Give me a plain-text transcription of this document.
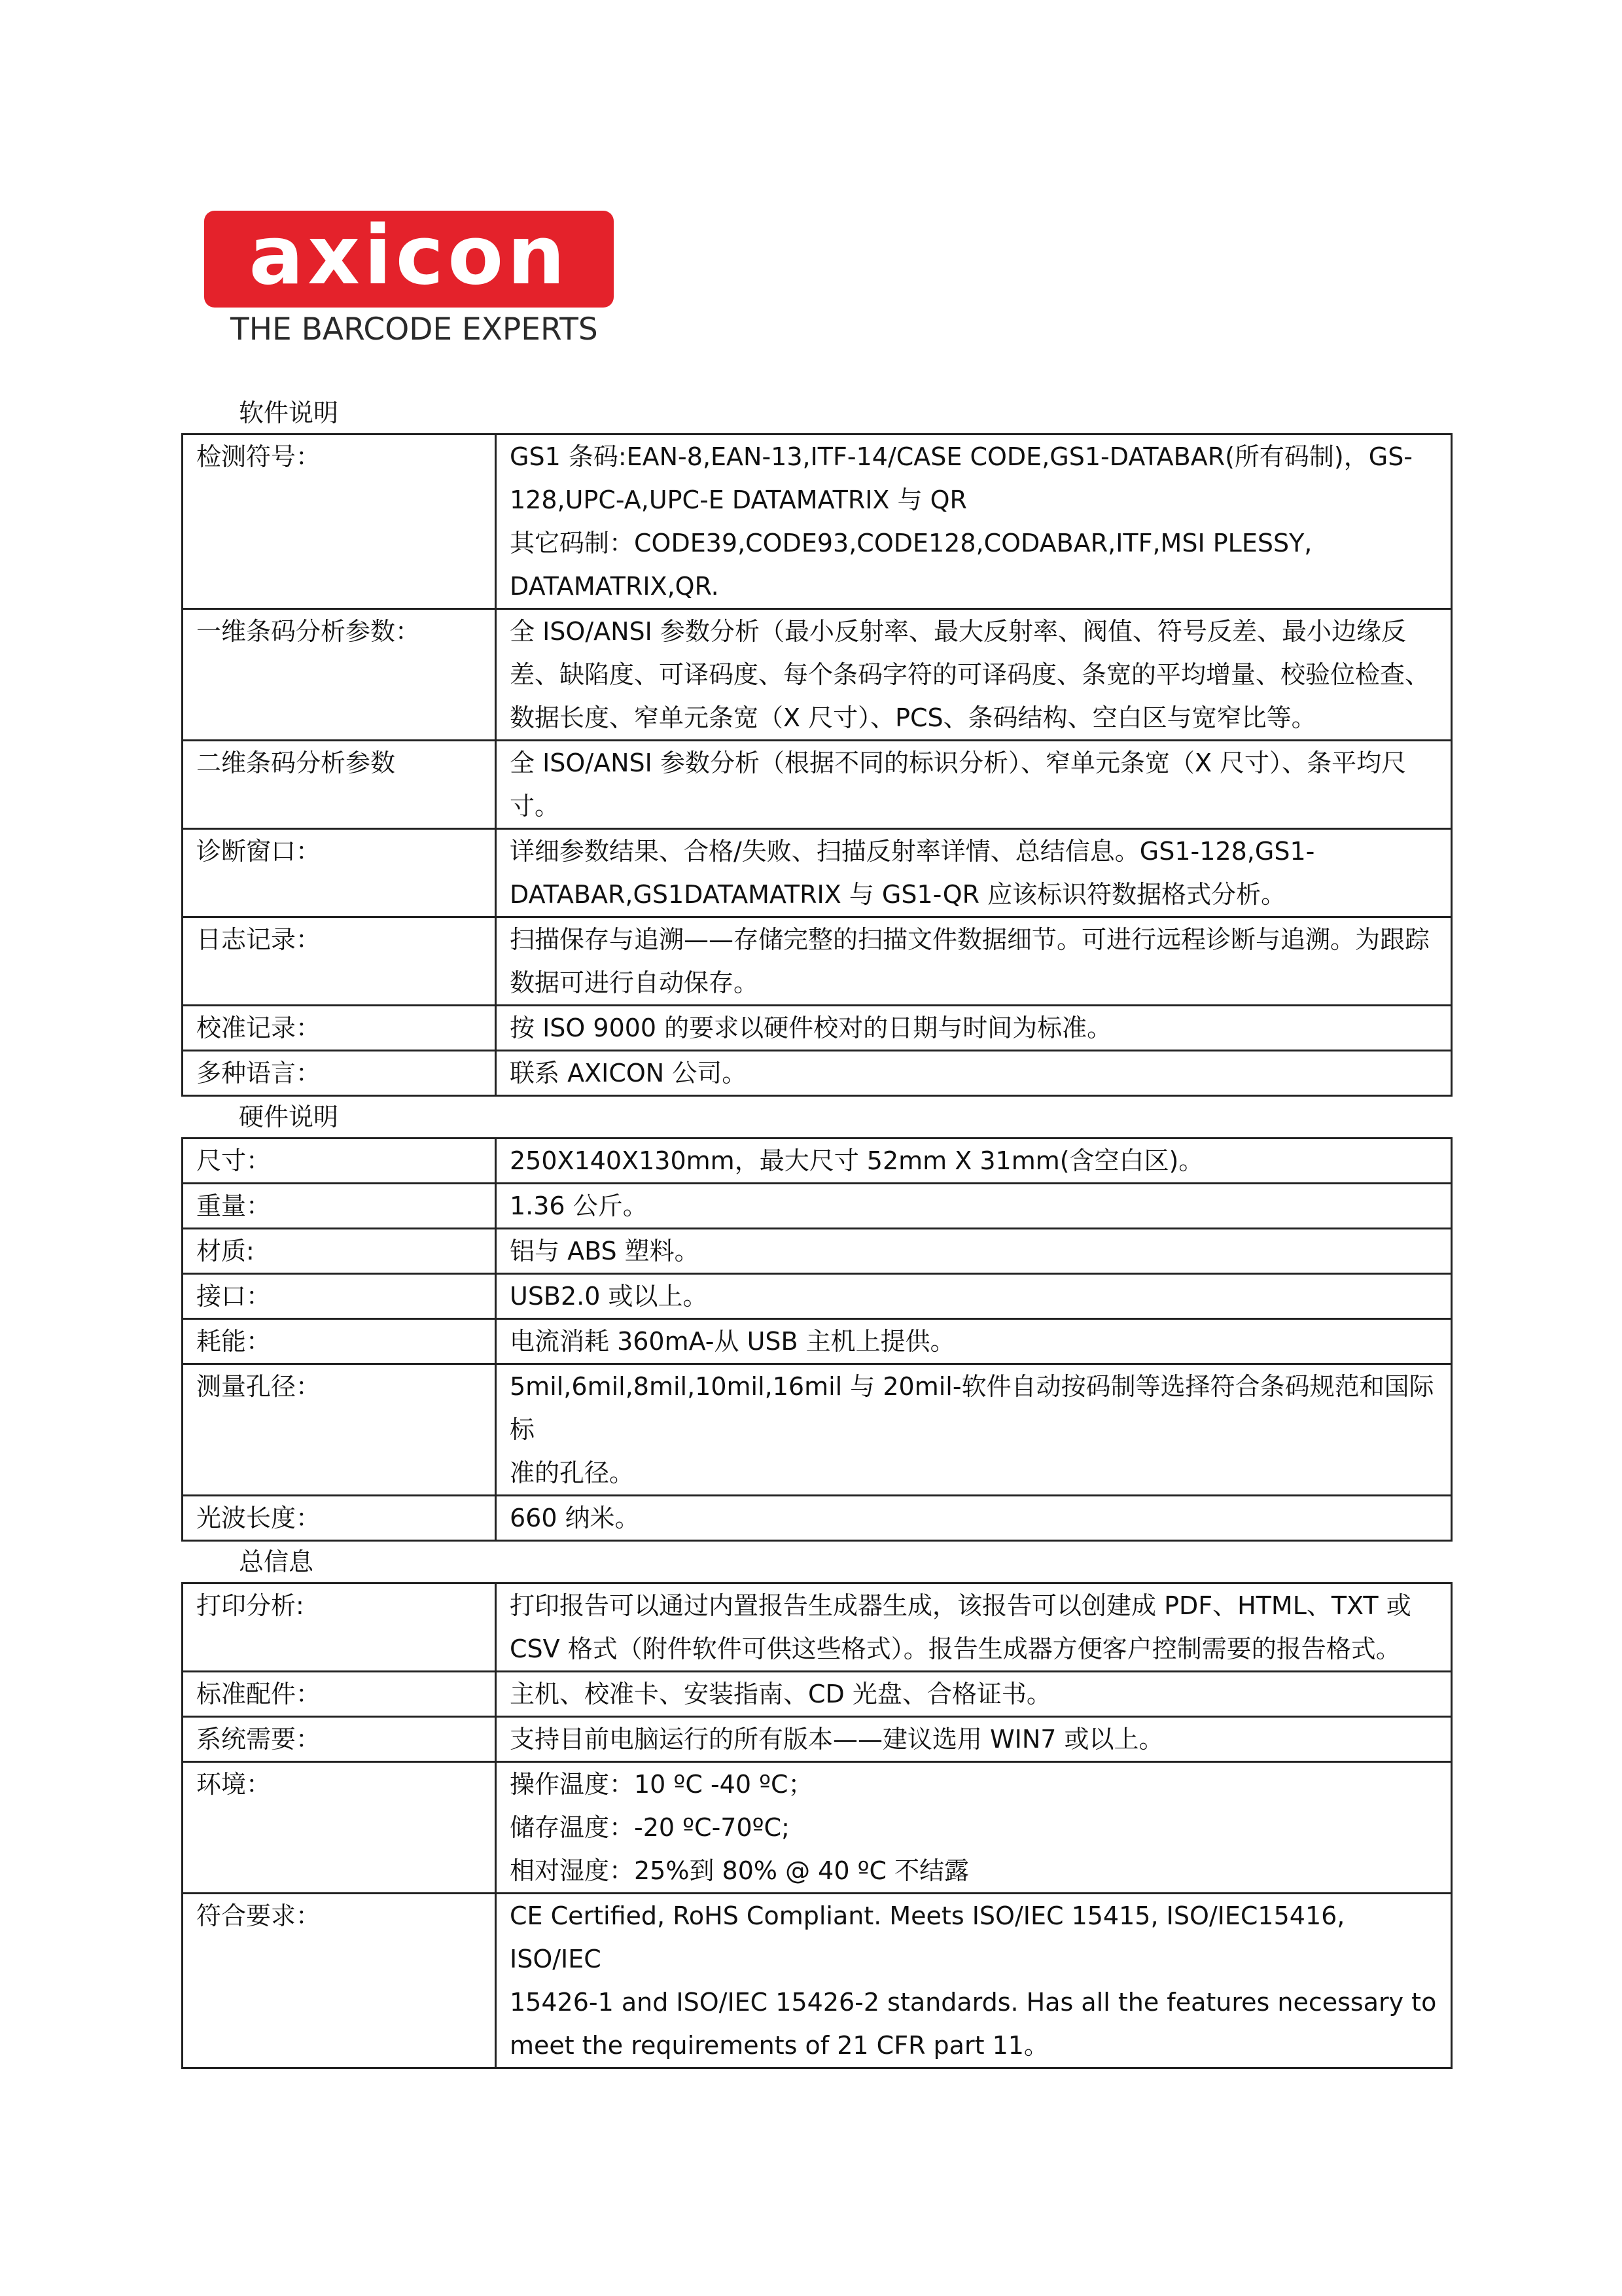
axicon
THE BARCODE EXPERTS
软件说明
检测符号：	GS1 条码:EAN-8,EAN-13,ITF-14/CASE CODE,GS1-DATABAR(所有码制)，GS-
128,UPC-A,UPC-E DATAMATRIX 与 QR
其它码制：CODE39,CODE93,CODE128,CODABAR,ITF,MSI PLESSY,
DATAMATRIX,QR.

一维条码分析参数：	全 ISO/ANSI 参数分析（最小反射率、最大反射率、阀值、符号反差、最小边缘反
差、缺陷度、可译码度、每个条码字符的可译码度、条宽的平均增量、校验位检查、
数据长度、窄单元条宽（X 尺寸）、PCS、条码结构、空白区与宽窄比等。

二维条码分析参数	全 ISO/ANSI 参数分析（根据不同的标识分析）、窄单元条宽（X 尺寸）、条平均尺
寸。

诊断窗口：	详细参数结果、合格/失败、扫描反射率详情、总结信息。GS1-128,GS1-
DATABAR,GS1DATAMATRIX 与 GS1-QR 应该标识符数据格式分析。

日志记录：	扫描保存与追溯——存储完整的扫描文件数据细节。可进行远程诊断与追溯。为跟踪
数据可进行自动保存。

校准记录：	按 ISO 9000 的要求以硬件校对的日期与时间为标准。

多种语言：	联系 AXICON 公司。
硬件说明
尺寸：	250X140X130mm，最大尺寸 52mm X 31mm(含空白区)。

重量：	1.36 公斤。

材质:	铝与 ABS 塑料。

接口：	USB2.0 或以上。

耗能：	电流消耗 360mA-从 USB 主机上提供。

测量孔径：	5mil,6mil,8mil,10mil,16mil 与 20mil-软件自动按码制等选择符合条码规范和国际标
准的孔径。

光波长度：	660 纳米。
总信息
打印分析:	打印报告可以通过内置报告生成器生成，该报告可以创建成 PDF、HTML、TXT 或
CSV 格式（附件软件可供这些格式）。报告生成器方便客户控制需要的报告格式。

标准配件：	主机、校准卡、安装指南、CD 光盘、合格证书。

系统需要：	支持目前电脑运行的所有版本——建议选用 WIN7 或以上。

环境：	操作温度：10 ºC -40 ºC；
储存温度：-20 ºC-70ºC;
相对湿度：25%到 80% @ 40 ºC 不结露

符合要求：	CE Certified, RoHS Compliant. Meets ISO/IEC 15415, ISO/IEC15416, ISO/IEC
15426-1 and ISO/IEC 15426-2 standards. Has all the features necessary to
meet the requirements of 21 CFR part 11。
